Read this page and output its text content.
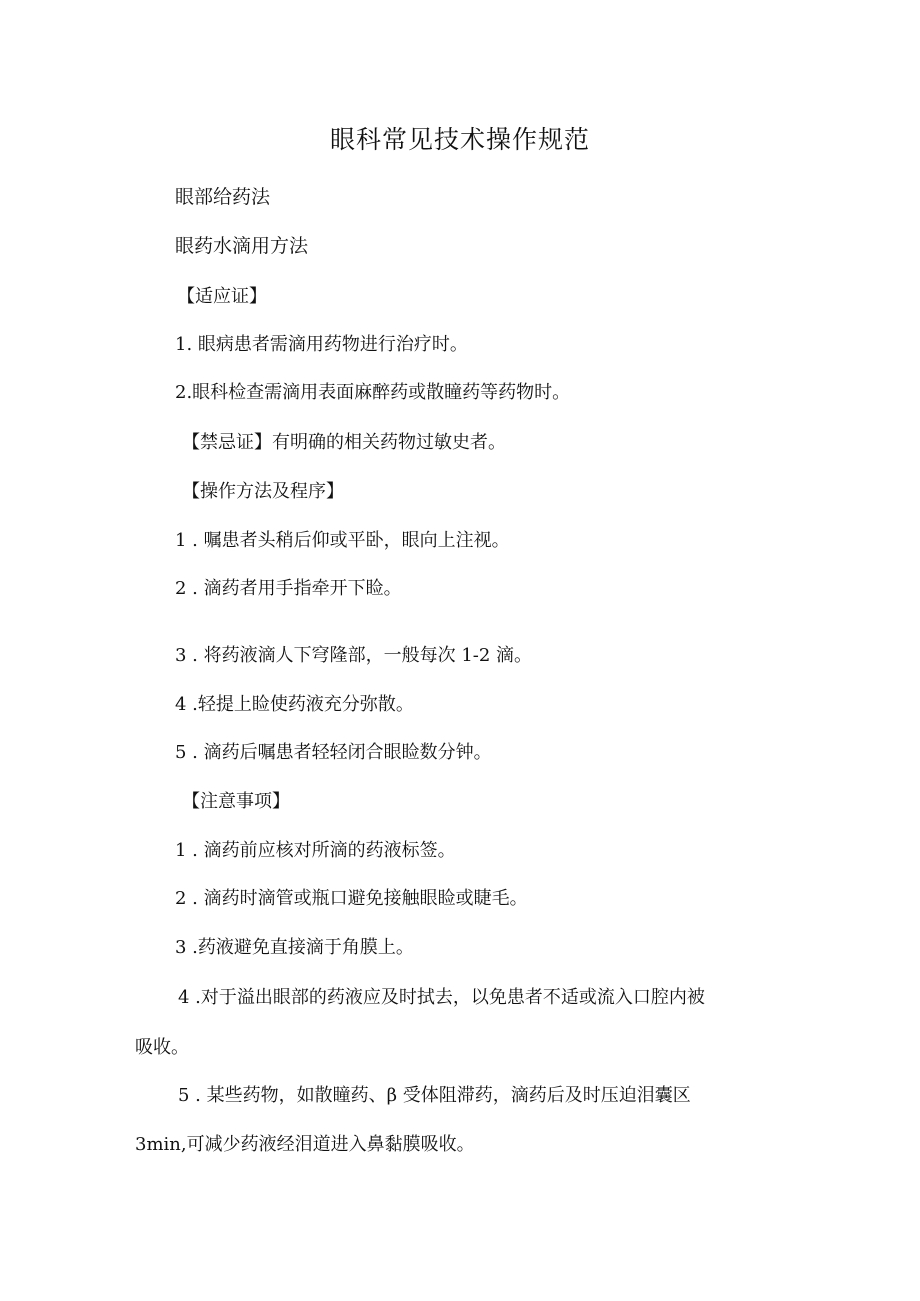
眼科常见技术操作规范
眼部给药法
眼药水滴用方法
【适应证】
1. 眼病患者需滴用药物进行治疗时。
2.眼科检查需滴用表面麻醉药或散瞳药等药物时。
【禁忌证】有明确的相关药物过敏史者。
【操作方法及程序】
1 . 嘱患者头稍后仰或平卧，眼向上注视。
2 . 滴药者用手指牵开下睑。
3 . 将药液滴人下穹隆部，一般每次 1-2 滴。
4 .轻提上睑使药液充分弥散。
5 . 滴药后嘱患者轻轻闭合眼睑数分钟。
【注意事项】
1 . 滴药前应核对所滴的药液标签。
2 . 滴药时滴管或瓶口避免接触眼睑或睫毛。
3 .药液避免直接滴于角膜上。
4 .对于溢出眼部的药液应及时拭去，以免患者不适或流入口腔内被
吸收。
5 . 某些药物，如散瞳药、β 受体阻滞药，滴药后及时压迫泪囊区
3min,可减少药液经泪道进入鼻黏膜吸收。
